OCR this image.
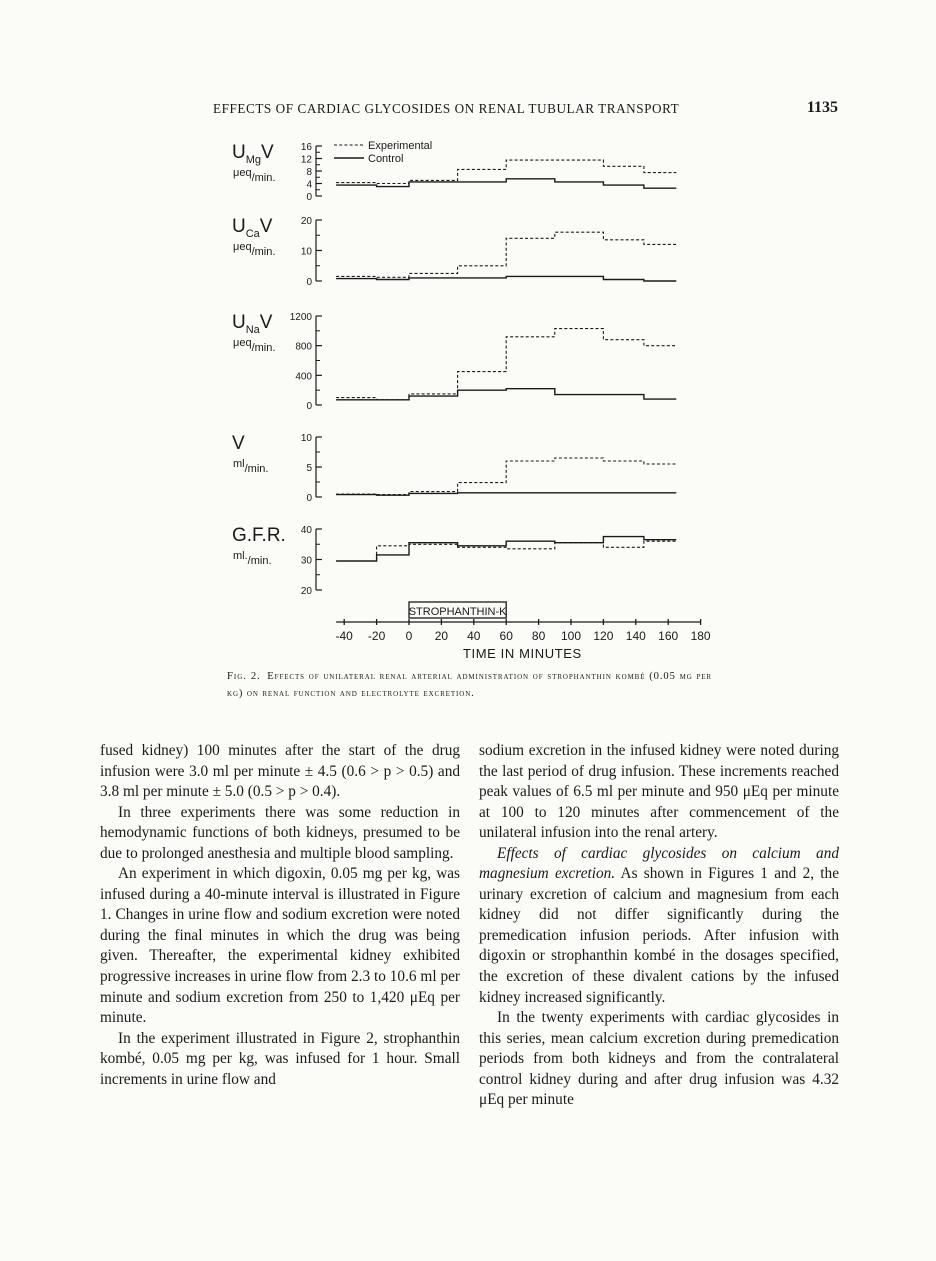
EFFECTS OF CARDIAC GLYCOSIDES ON RENAL TUBULAR TRANSPORT	1135
Experimental
Control
$U_{Mg}V$
μeq/min.
16
12
8
4
0
$U_{Ca}V$
μeq/min.
20
10
0
$U_{Na}V$
μeq/min.
1200
800
400
0
V
ml/min.
10
5
0
G.F.R.
ml./min.
40
30
20
-40 -20 0 20 40 60 80 100 120 140 160 180
TIME IN MINUTES
STROPHANTHIN-K
Fig. 2. Effects of unilateral renal arterial administration of strophanthin kombé (0.05 mg per kg) on renal function and electrolyte excretion.

fused kidney) 100 minutes after the start of the drug infusion were 3.0 ml per minute ± 4.5 (0.6 > p > 0.5) and 3.8 ml per minute ± 5.0 (0.5 > p > 0.4).

In three experiments there was some reduction in hemodynamic functions of both kidneys, presumed to be due to prolonged anesthesia and multiple blood sampling.

An experiment in which digoxin, 0.05 mg per kg, was infused during a 40-minute interval is illustrated in Figure 1. Changes in urine flow and sodium excretion were noted during the final minutes in which the drug was being given. Thereafter, the experimental kidney exhibited progressive increases in urine flow from 2.3 to 10.6 ml per minute and sodium excretion from 250 to 1,420 μEq per minute.

In the experiment illustrated in Figure 2, strophanthin kombé, 0.05 mg per kg, was infused for 1 hour. Small increments in urine flow and

sodium excretion in the infused kidney were noted during the last period of drug infusion. These increments reached peak values of 6.5 ml per minute and 950 μEq per minute at 100 to 120 minutes after commencement of the unilateral infusion into the renal artery.

Effects of cardiac glycosides on calcium and magnesium excretion. As shown in Figures 1 and 2, the urinary excretion of calcium and magnesium from each kidney did not differ significantly during the premedication infusion periods. After infusion with digoxin or strophanthin kombé in the dosages specified, the excretion of these divalent cations by the infused kidney increased significantly.

In the twenty experiments with cardiac glycosides in this series, mean calcium excretion during premedication periods from both kidneys and from the contralateral control kidney during and after drug infusion was 4.32 μEq per minute
